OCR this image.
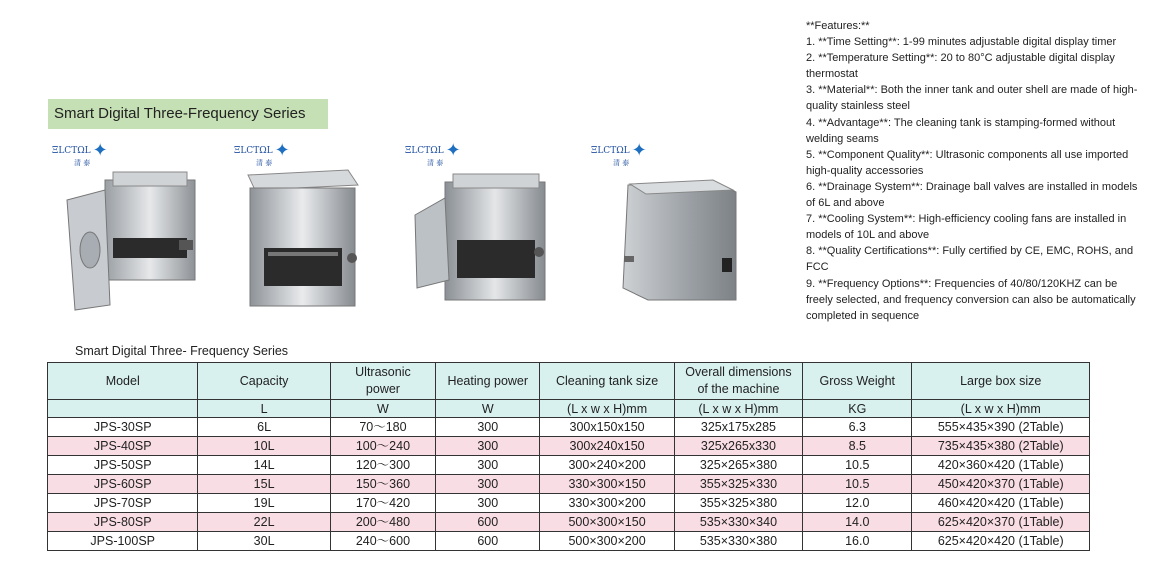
Smart Digital Three-Frequency Series
ΞLCTΩL ✦
清 泰
ΞLCTΩL ✦
清 泰
ΞLCTΩL ✦
清 泰
ΞLCTΩL ✦
清 泰

**Features:**

1. **Time Setting**: 1-99 minutes adjustable digital display timer

2. **Temperature Setting**: 20 to 80°C adjustable digital display thermostat

3. **Material**: Both the inner tank and outer shell are made of high-quality stainless steel

4. **Advantage**: The cleaning tank is stamping-formed without welding seams

5. **Component Quality**: Ultrasonic components all use imported high-quality accessories

6. **Drainage System**: Drainage ball valves are installed in models of 6L and above

7. **Cooling System**: High-efficiency cooling fans are installed in models of 10L and above

8. **Quality Certifications**: Fully certified by CE, EMC, ROHS, and FCC

9. **Frequency Options**: Frequencies of 40/80/120KHZ can be freely selected, and frequency conversion can also be automatically completed in sequence

Smart Digital Three- Frequency Series
Model	Capacity	Ultrasonic power	Heating power	Cleaning tank size	Overall dimensions of the machine	Gross Weight	Large box size
	L	W	W	(L x w x H)mm	(L x w x H)mm	KG	(L x w x H)mm
JPS-30SP	6L	70～180	300	300x150x150	325x175x285	6.3	555×435×390 (2Table)
JPS-40SP	10L	100～240	300	300x240x150	325x265x330	8.5	735×435×380 (2Table)
JPS-50SP	14L	120～300	300	300×240×200	325×265×380	10.5	420×360×420 (1Table)
JPS-60SP	15L	150～360	300	330×300×150	355×325×330	10.5	450×420×370 (1Table)
JPS-70SP	19L	170～420	300	330×300×200	355×325×380	12.0	460×420×420 (1Table)
JPS-80SP	22L	200～480	600	500×300×150	535×330×340	14.0	625×420×370 (1Table)
JPS-100SP	30L	240～600	600	500×300×200	535×330×380	16.0	625×420×420 (1Table)
